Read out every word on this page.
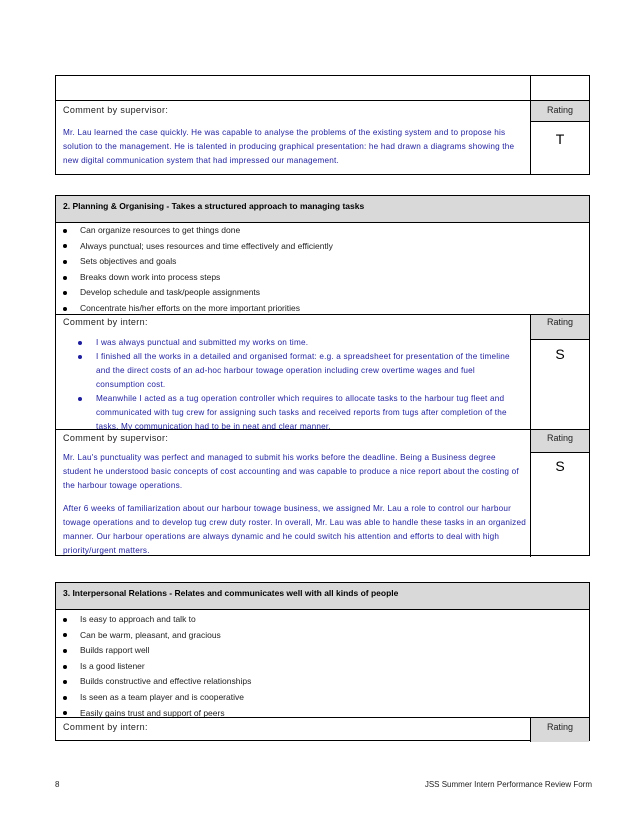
Comment by supervisor:	Rating
Mr. Lau learned the case quickly. He was capable to analyse the problems of the existing system and to propose his solution to the management. He is talented in producing graphical presentation: he had drawn a diagrams showing the new digital communication system that had impressed our management.
T
2. Planning & Organising - Takes a structured approach to managing tasks
Can organize resources to get things done
Always punctual; uses resources and time effectively and efficiently
Sets objectives and goals
Breaks down work into process steps
Develop schedule and task/people assignments
Concentrate his/her efforts on the more important priorities
Comment by intern:	Rating
I was always punctual and submitted my works on time.
I finished all the works in a detailed and organised format: e.g. a spreadsheet for presentation of the timeline and the direct costs of an ad-hoc harbour towage operation including crew overtime wages and fuel consumption cost.
Meanwhile I acted as a tug operation controller which requires to allocate tasks to the harbour tug fleet and communicated with tug crew for assigning such tasks and received reports from tugs after completion of the tasks. My communication had to be in neat and clear manner.
S
Comment by supervisor:	Rating
Mr. Lau's punctuality was perfect and managed to submit his works before the deadline. Being a Business degree student he understood basic concepts of cost accounting and was capable to produce a nice report about the costing of the harbour towage operations.
After 6 weeks of familiarization about our harbour towage business, we assigned Mr. Lau a role to control our harbour towage operations and to develop tug crew duty roster. In overall, Mr. Lau was able to handle these tasks in an organized manner. Our harbour operations are always dynamic and he could switch his attention and efforts to deal with high priority/urgent matters.
S
3. Interpersonal Relations - Relates and communicates well with all kinds of people
Is easy to approach and talk to
Can be warm, pleasant, and gracious
Builds rapport well
Is a good listener
Builds constructive and effective relationships
Is seen as a team player and is cooperative
Easily gains trust and support of peers
Comment by intern:	Rating
8	JSS Summer Intern Performance Review Form
